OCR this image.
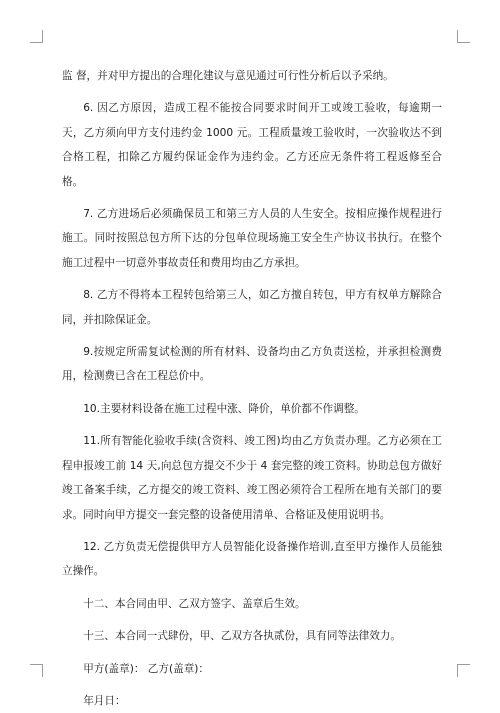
监 督，并对甲方提出的合理化建议与意见通过可行性分析后以予采纳。

6. 因乙方原因，造成工程不能按合同要求时间开工或竣工验收，每逾期一天，乙方须向甲方支付违约金 1000 元。工程质量竣工验收时，一次验收达不到合格工程，扣除乙方履约保证金作为违约金。乙方还应无条件将工程返修至合格。

7. 乙方进场后必须确保员工和第三方人员的人生安全。按相应操作规程进行施工。同时按照总包方所下达的分包单位现场施工安全生产协议书执行。在整个施工过程中一切意外事故责任和费用均由乙方承担。

8. 乙方不得将本工程转包给第三人，如乙方擅自转包，甲方有权单方解除合同，并扣除保证金。

9.按规定所需复试检测的所有材料、设备均由乙方负责送检，并承担检测费用，检测费已含在工程总价中。

10.主要材料设备在施工过程中涨、降价，单价都不作调整。

11.所有智能化验收手续(含资料、竣工图)均由乙方负责办理。乙方必须在工程申报竣工前 14 天,向总包方提交不少于 4 套完整的竣工资料。协助总包方做好竣工备案手续，乙方提交的竣工资料、竣工图必须符合工程所在地有关部门的要求。同时向甲方提交一套完整的设备使用清单、合格证及使用说明书。

12. 乙方负责无偿提供甲方人员智能化设备操作培训,直至甲方操作人员能独立操作。

十二、本合同由甲、乙双方签字、盖章后生效。

十三、本合同一式肆份，甲、乙双方各执贰份，具有同等法律效力。

甲方(盖章)： 乙方(盖章)：

年月日：
